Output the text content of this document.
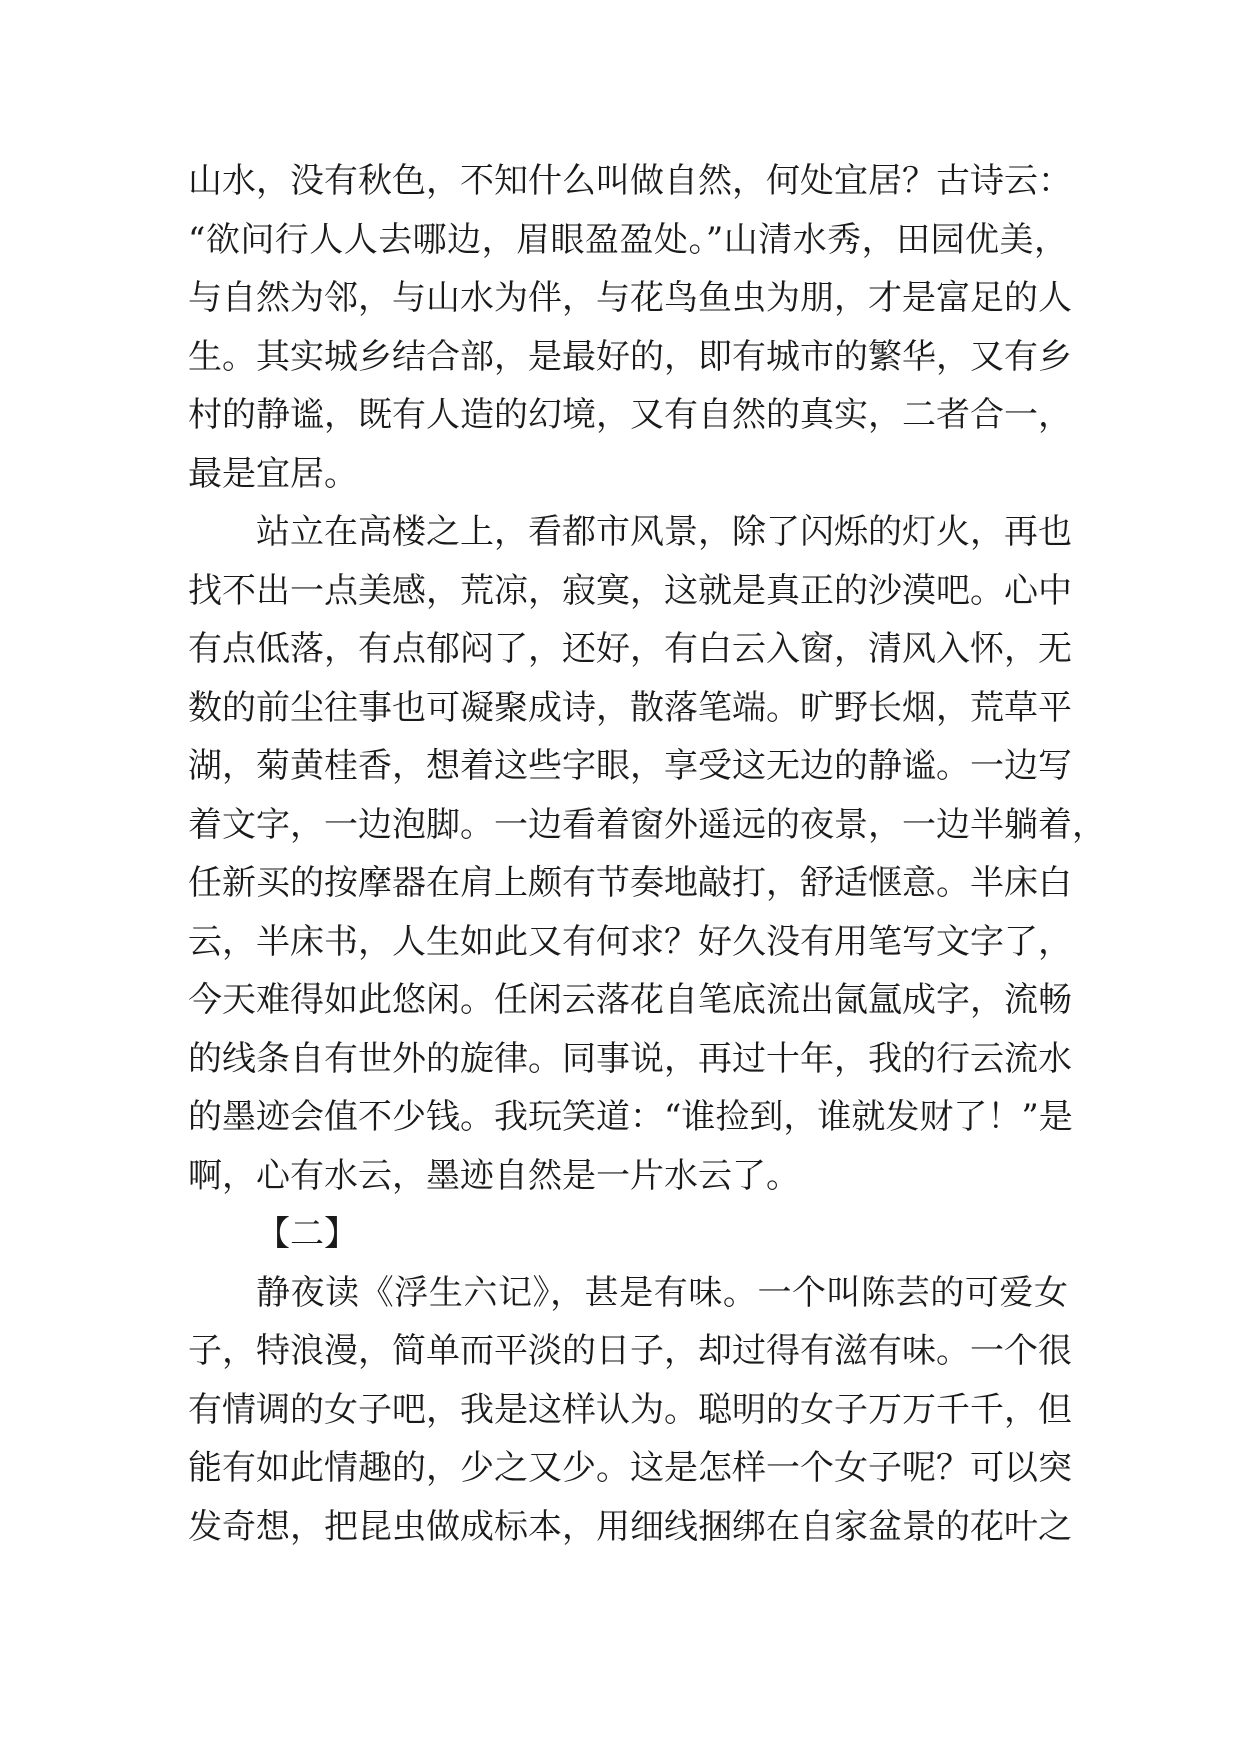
山水，没有秋色，不知什么叫做自然，何处宜居？古诗云：
“欲问行人人去哪边，眉眼盈盈处。”山清水秀，田园优美，
与自然为邻，与山水为伴，与花鸟鱼虫为朋，才是富足的人
生。其实城乡结合部，是最好的，即有城市的繁华，又有乡
村的静谧，既有人造的幻境，又有自然的真实，二者合一，
最是宜居。
站立在高楼之上，看都市风景，除了闪烁的灯火，再也
找不出一点美感，荒凉，寂寞，这就是真正的沙漠吧。心中
有点低落，有点郁闷了，还好，有白云入窗，清风入怀，无
数的前尘往事也可凝聚成诗，散落笔端。旷野长烟，荒草平
湖，菊黄桂香，想着这些字眼，享受这无边的静谧。一边写
着文字，一边泡脚。一边看着窗外遥远的夜景，一边半躺着，
任新买的按摩器在肩上颇有节奏地敲打，舒适惬意。半床白
云，半床书，人生如此又有何求？好久没有用笔写文字了，
今天难得如此悠闲。任闲云落花自笔底流出氤氲成字，流畅
的线条自有世外的旋律。同事说，再过十年，我的行云流水
的墨迹会值不少钱。我玩笑道：“谁捡到，谁就发财了！”是
啊，心有水云，墨迹自然是一片水云了。
【二】
静夜读《浮生六记》，甚是有味。一个叫陈芸的可爱女
子，特浪漫，简单而平淡的日子，却过得有滋有味。一个很
有情调的女子吧，我是这样认为。聪明的女子万万千千，但
能有如此情趣的，少之又少。这是怎样一个女子呢？可以突
发奇想，把昆虫做成标本，用细线捆绑在自家盆景的花叶之
